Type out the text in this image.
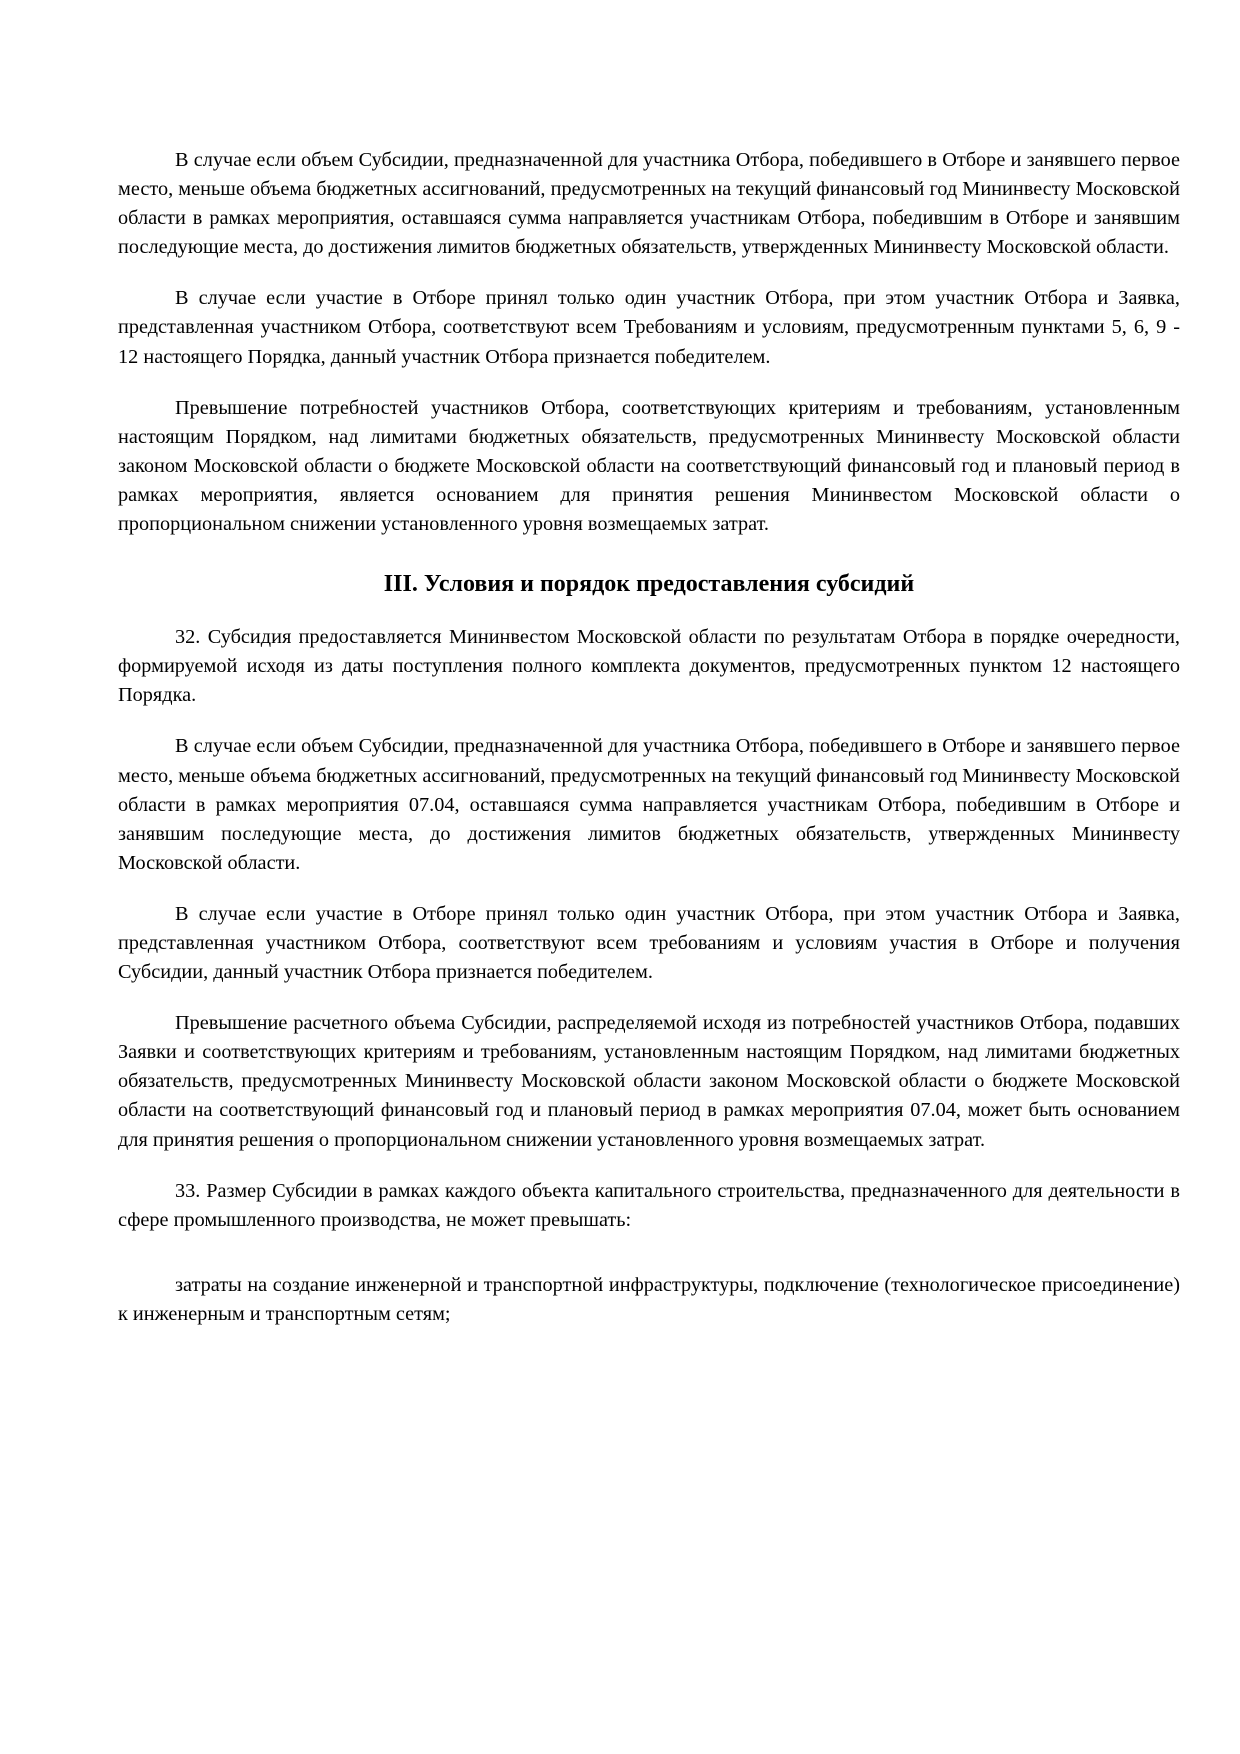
В случае если объем Субсидии, предназначенной для участника Отбора, победившего в Отборе и занявшего первое место, меньше объема бюджетных ассигнований, предусмотренных на текущий финансовый год Мининвесту Московской области в рамках мероприятия, оставшаяся сумма направляется участникам Отбора, победившим в Отборе и занявшим последующие места, до достижения лимитов бюджетных обязательств, утвержденных Мининвесту Московской области.

В случае если участие в Отборе принял только один участник Отбора, при этом участник Отбора и Заявка, представленная участником Отбора, соответствуют всем Требованиям и условиям, предусмотренным пунктами 5, 6, 9 - 12 настоящего Порядка, данный участник Отбора признается победителем.

Превышение потребностей участников Отбора, соответствующих критериям и требованиям, установленным настоящим Порядком, над лимитами бюджетных обязательств, предусмотренных Мининвесту Московской области законом Московской области о бюджете Московской области на соответствующий финансовый год и плановый период в рамках мероприятия, является основанием для принятия решения Мининвестом Московской области о пропорциональном снижении установленного уровня возмещаемых затрат.

III. Условия и порядок предоставления субсидий

32. Субсидия предоставляется Мининвестом Московской области по результатам Отбора в порядке очередности, формируемой исходя из даты поступления полного комплекта документов, предусмотренных пунктом 12 настоящего Порядка.

В случае если объем Субсидии, предназначенной для участника Отбора, победившего в Отборе и занявшего первое место, меньше объема бюджетных ассигнований, предусмотренных на текущий финансовый год Мининвесту Московской области в рамках мероприятия 07.04, оставшаяся сумма направляется участникам Отбора, победившим в Отборе и занявшим последующие места, до достижения лимитов бюджетных обязательств, утвержденных Мининвесту Московской области.

В случае если участие в Отборе принял только один участник Отбора, при этом участник Отбора и Заявка, представленная участником Отбора, соответствуют всем требованиям и условиям участия в Отборе и получения Субсидии, данный участник Отбора признается победителем.

Превышение расчетного объема Субсидии, распределяемой исходя из потребностей участников Отбора, подавших Заявки и соответствующих критериям и требованиям, установленным настоящим Порядком, над лимитами бюджетных обязательств, предусмотренных Мининвесту Московской области законом Московской области о бюджете Московской области на соответствующий финансовый год и плановый период в рамках мероприятия 07.04, может быть основанием для принятия решения о пропорциональном снижении установленного уровня возмещаемых затрат.

33. Размер Субсидии в рамках каждого объекта капитального строительства, предназначенного для деятельности в сфере промышленного производства, не может превышать:

затраты на создание инженерной и транспортной инфраструктуры, подключение (технологическое присоединение) к инженерным и транспортным сетям;
